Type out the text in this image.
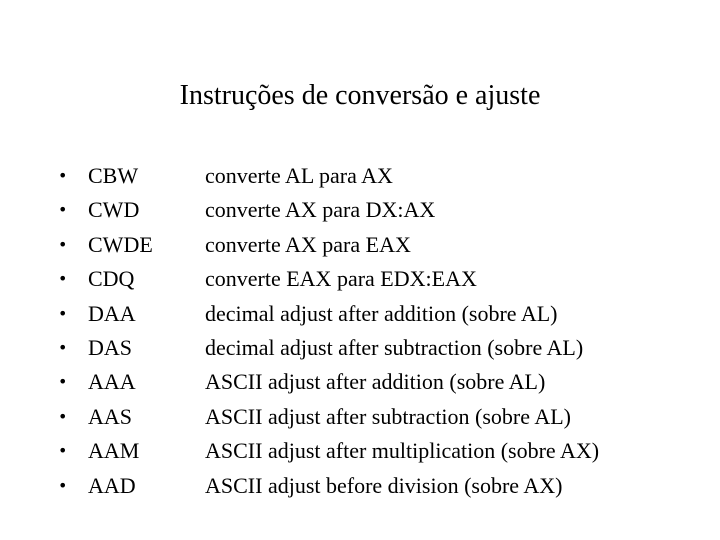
Instruções de conversão e ajuste
• CBW	converte AL para AX
• CWD	converte AX para DX:AX
• CWDE converte AX para EAX
• CDQ	converte EAX para EDX:EAX
• DAA	decimal adjust after addition (sobre AL)
• DAS	decimal adjust after subtraction (sobre AL)
• AAA	ASCII adjust after addition (sobre AL)
• AAS	ASCII adjust after subtraction (sobre AL)
• AAM	ASCII adjust after multiplication (sobre AX)
• AAD	ASCII adjust before division (sobre AX)
